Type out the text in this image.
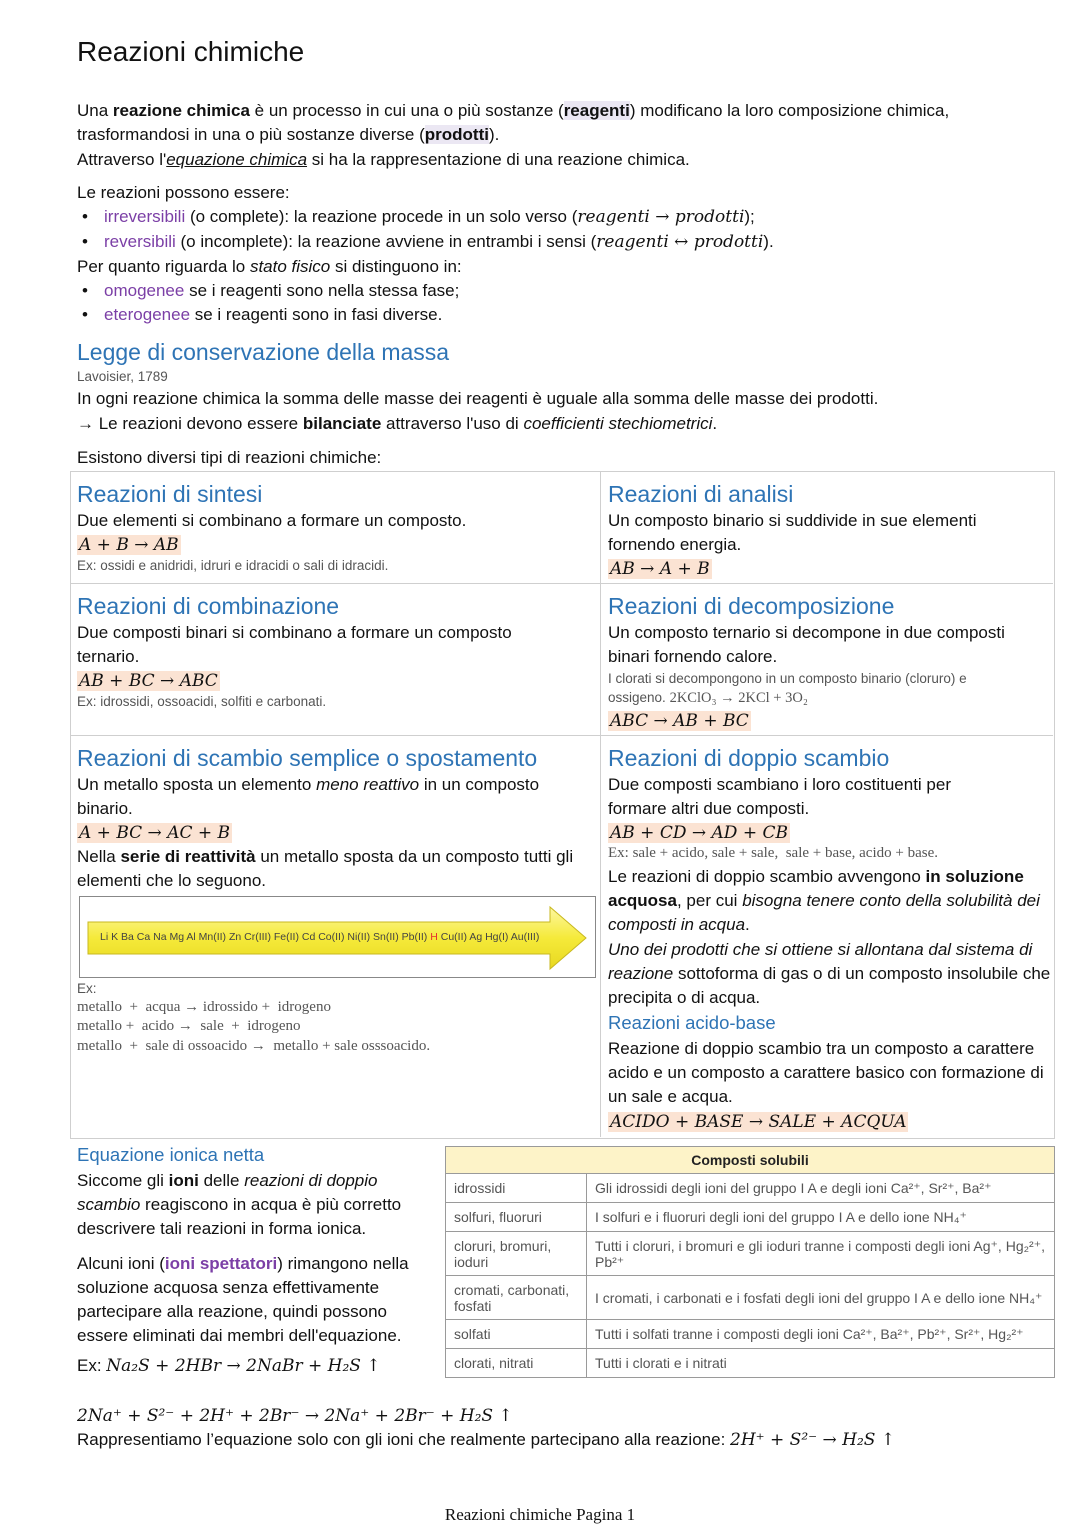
Reazioni chimiche
Una reazione chimica è un processo in cui una o più sostanze (reagenti) modificano la loro composizione chimica,
trasformandosi in una o più sostanze diverse (prodotti).
Attraverso l'equazione chimica si ha la rappresentazione di una reazione chimica.
Le reazioni possono essere:
• irreversibili (o complete): la reazione procede in un solo verso (reagenti → prodotti);
• reversibili (o incomplete): la reazione avviene in entrambi i sensi (reagenti ↔ prodotti).
Per quanto riguarda lo stato fisico si distinguono in:
• omogenee se i reagenti sono nella stessa fase;
• eterogenee se i reagenti sono in fasi diverse.
Legge di conservazione della massa
Lavoisier, 1789
In ogni reazione chimica la somma delle masse dei reagenti è uguale alla somma delle masse dei prodotti.
→ Le reazioni devono essere bilanciate attraverso l'uso di coefficienti stechiometrici.
Esistono diversi tipi di reazioni chimiche:
Reazioni di sintesi
Due elementi si combinano a formare un composto.
A + B → AB
Ex: ossidi e anidridi, idruri e idracidi o sali di idracidi.
Reazioni di analisi
Un composto binario si suddivide in sue elementi fornendo energia.
AB → A + B
Reazioni di combinazione
Due composti binari si combinano a formare un composto ternario.
AB + BC → ABC
Ex: idrossidi, ossoacidi, solfiti e carbonati.
Reazioni di decomposizione
Un composto ternario si decompone in due composti binari fornendo calore.
I clorati si decompongono in un composto binario (cloruro) e
ossigeno. 2KClO₃ → 2KCl + 3O₂
ABC → AB + BC
Reazioni di scambio semplice o spostamento
Un metallo sposta un elemento meno reattivo in un composto binario.
A + BC → AC + B
Nella serie di reattività un metallo sposta da un composto tutti gli elementi che lo seguono.
Li K Ba Ca Na Mg Al Mn(II) Zn Cr(III) Fe(II) Cd Co(II) Ni(II) Sn(II) Pb(II) H Cu(II) Ag Hg(I) Au(III)
Ex:
metallo  +  acqua → idrossido +  idrogeno
metallo +  acido →  sale  +  idrogeno
metallo  +  sale di ossoacido →  metallo + sale osssoacido.
Reazioni di doppio scambio
Due composti scambiano i loro costituenti per formare altri due composti.
AB + CD → AD + CB
Ex: sale + acido, sale + sale,  sale + base, acido + base.
Le reazioni di doppio scambio avvengono in soluzione acquosa, per cui bisogna tenere conto della solubilità dei composti in acqua.
Uno dei prodotti che si ottiene si allontana dal sistema di reazione sottoforma di gas o di un composto insolubile che precipita o di acqua.
Reazioni acido-base
Reazione di doppio scambio tra un composto a carattere acido e un composto a carattere basico con formazione di un sale e acqua.
ACIDO + BASE → SALE + ACQUA
Equazione ionica netta
Siccome gli ioni delle reazioni di doppio scambio reagiscono in acqua è più corretto descrivere tali reazioni in forma ionica.
Alcuni ioni (ioni spettatori) rimangono nella soluzione acquosa senza effettivamente partecipare alla reazione, quindi possono essere eliminati dai membri dell'equazione.
Ex: Na₂S + 2HBr → 2NaBr + H₂S ↑
Composti solubili	
idrossidi	Gli idrossidi degli ioni del gruppo I A e degli ioni Ca²⁺, Sr²⁺, Ba²⁺
solfuri, fluoruri	I solfuri e i fluoruri degli ioni del gruppo I A e dello ione NH₄⁺
cloruri, bromuri, ioduri	Tutti i cloruri, i bromuri e gli ioduri tranne i composti degli ioni Ag⁺, Hg₂²⁺, Pb²⁺
cromati, carbonati, fosfati	I cromati, i carbonati e i fosfati degli ioni del gruppo I A e dello ione NH₄⁺
solfati	Tutti i solfati tranne i composti degli ioni Ca²⁺, Ba²⁺, Pb²⁺, Sr²⁺, Hg₂²⁺
clorati, nitrati	Tutti i clorati e i nitrati
2Na⁺ + S²⁻ + 2H⁺ + 2Br⁻ → 2Na⁺ + 2Br⁻ + H₂S ↑
Rappresentiamo l’equazione solo con gli ioni che realmente partecipano alla reazione: 2H⁺ + S²⁻ → H₂S ↑
Reazioni chimiche Pagina 1
